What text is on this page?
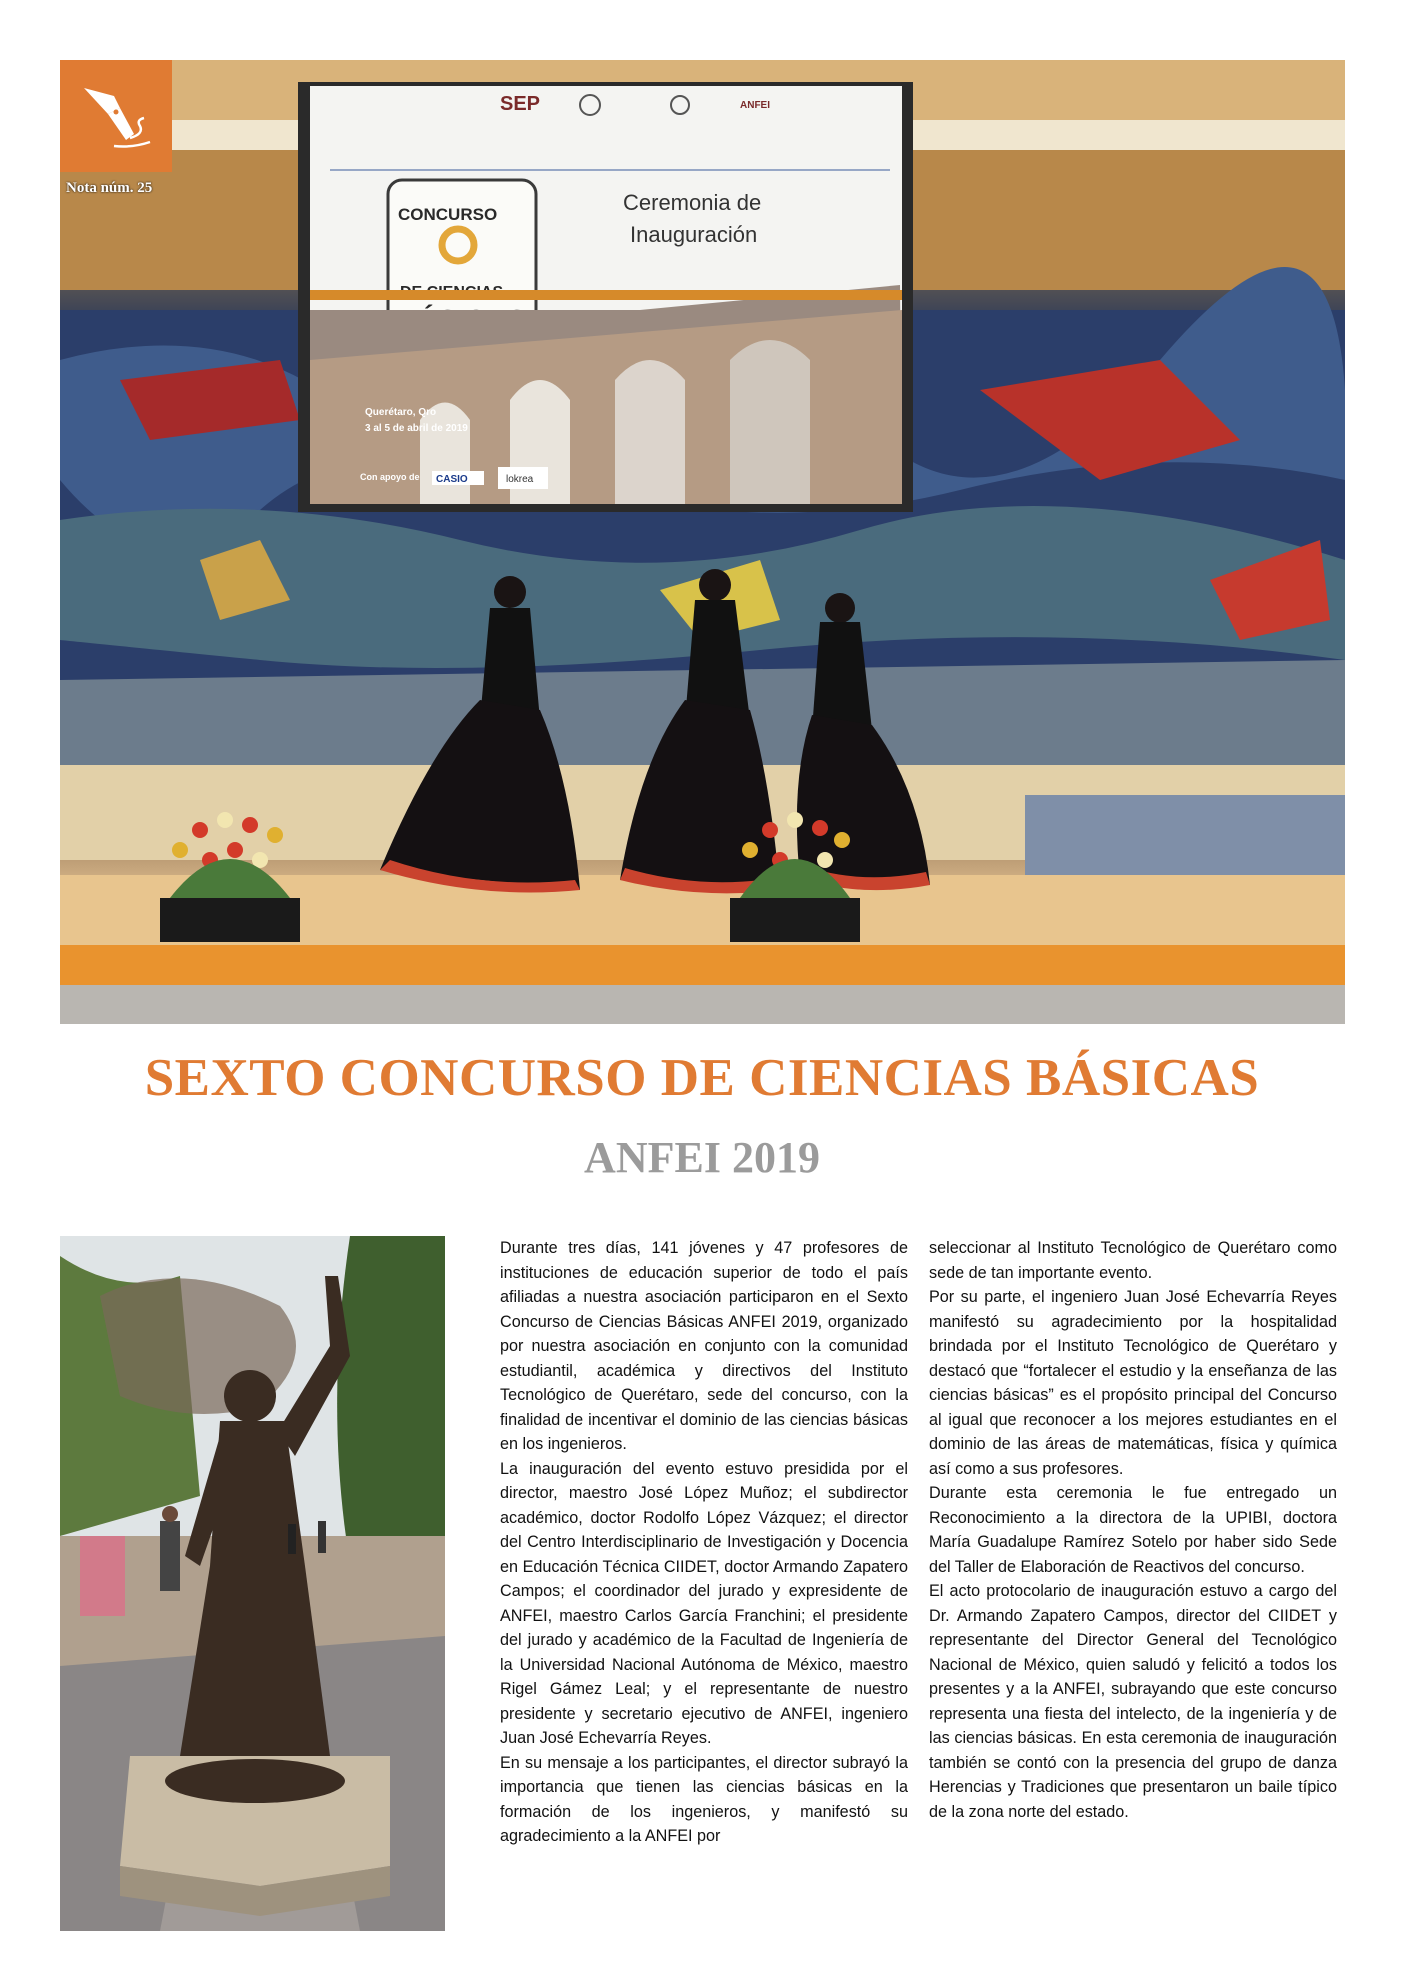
SEP	ANFEI
CONCURSO	Ceremonia de
Inauguración
Querétaro, Qro
3 al 5 de abril de 2019
Con apoyo de CASIO	lokrea
Nota núm. 25
SEXTO CONCURSO DE CIENCIAS BÁSICAS
ANFEI 2019

Durante tres días, 141 jóvenes y 47 profesores de instituciones de educación superior de todo el país afiliadas a nuestra asociación participaron en el Sexto Concurso de Ciencias Básicas ANFEI 2019, organizado por nuestra asociación en conjunto con la comunidad estudiantil, académica y directivos del Instituto Tecnológico de Querétaro, sede del concurso, con la finalidad de incentivar el dominio de las ciencias básicas en los ingenieros.

La inauguración del evento estuvo presidida por el director, maestro José López Muñoz; el subdirector académico, doctor Rodolfo López Vázquez; el director del Centro Interdisciplinario de Investigación y Docencia en Educación Técnica CIIDET, doctor Armando Zapatero Campos; el coordinador del jurado y expresidente de ANFEI, maestro Carlos García Franchini; el presidente del jurado y académico de la Facultad de Ingeniería de la Universidad Nacional Autónoma de México, maestro Rigel Gámez Leal; y el representante de nuestro presidente y secretario ejecutivo de ANFEI, ingeniero Juan José Echevarría Reyes.

En su mensaje a los participantes, el director subrayó la importancia que tienen las ciencias básicas en la formación de los ingenieros, y manifestó su agradecimiento a la ANFEI por

seleccionar al Instituto Tecnológico de Querétaro como sede de tan importante evento.

Por su parte, el ingeniero Juan José Echevarría Reyes manifestó su agradecimiento por la hospitalidad brindada por el Instituto Tecnológico de Querétaro y destacó que “fortalecer el estudio y la enseñanza de las ciencias básicas” es el propósito principal del Concurso al igual que reconocer a los mejores estudiantes en el dominio de las áreas de matemáticas, física y química así como a sus profesores.

Durante esta ceremonia le fue entregado un Reconocimiento a la directora de la UPIBI, doctora María Guadalupe Ramírez Sotelo por haber sido Sede del Taller de Elaboración de Reactivos del concurso.

El acto protocolario de inauguración estuvo a cargo del Dr. Armando Zapatero Campos, director del CIIDET y representante del Director General del Tecnológico Nacional de México, quien saludó y felicitó a todos los presentes y a la ANFEI, subrayando que este concurso representa una fiesta del intelecto, de la ingeniería y de las ciencias básicas. En esta ceremonia de inauguración también se contó con la presencia del grupo de danza Herencias y Tradiciones que presentaron un baile típico de la zona norte del estado.
